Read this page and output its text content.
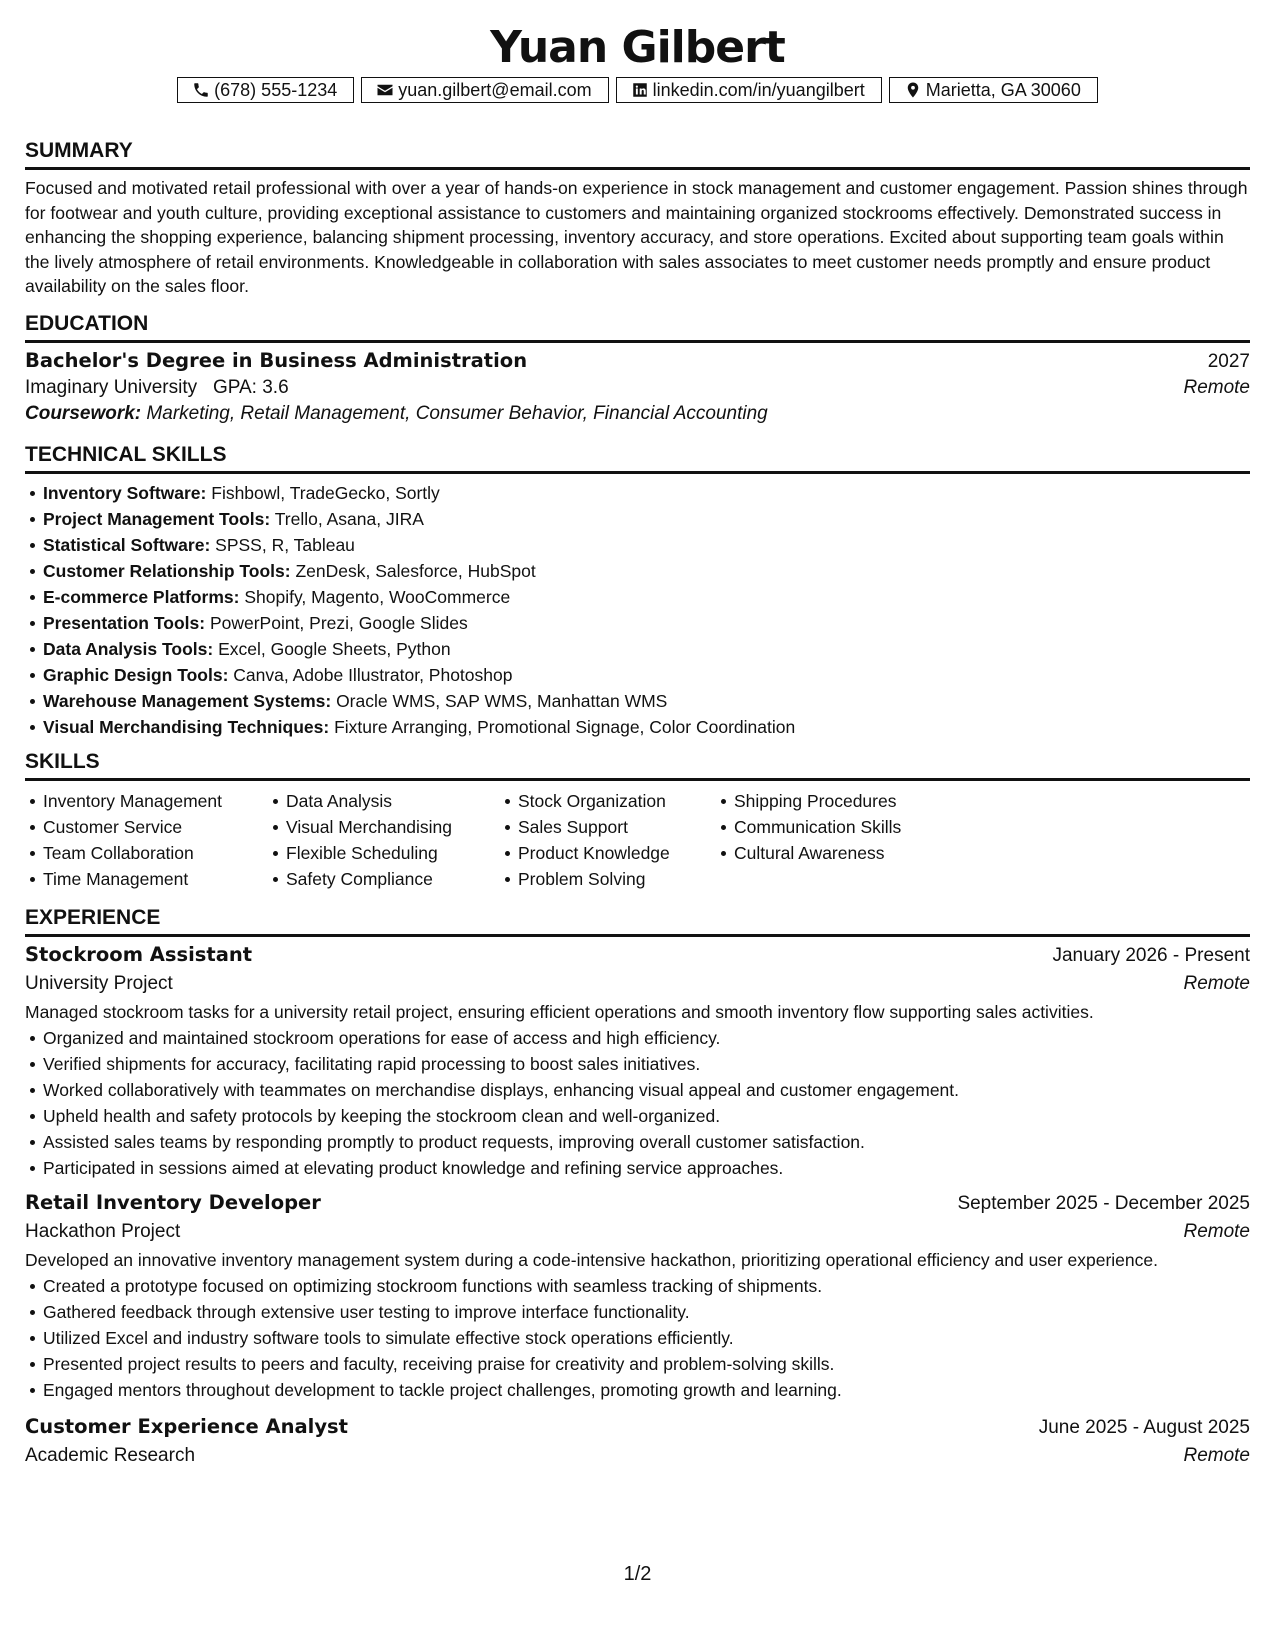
Yuan Gilbert
(678) 555-1234	yuan.gilbert@email.com	linkedin.com/in/yuangilbert	Marietta, GA 30060
SUMMARY

Focused and motivated retail professional with over a year of hands-on experience in stock management and customer engagement. Passion shines through for footwear and youth culture, providing exceptional assistance to customers and maintaining organized stockrooms effectively. Demonstrated success in enhancing the shopping experience, balancing shipment processing, inventory accuracy, and store operations. Excited about supporting team goals within the lively atmosphere of retail environments. Knowledgeable in collaboration with sales associates to meet customer needs promptly and ensure product availability on the sales floor.

EDUCATION
Bachelor's Degree in Business Administration	2027
Imaginary University GPA: 3.6	Remote
Coursework: Marketing, Retail Management, Consumer Behavior, Financial Accounting
TECHNICAL SKILLS
Inventory Software: Fishbowl, TradeGecko, Sortly
Project Management Tools: Trello, Asana, JIRA
Statistical Software: SPSS, R, Tableau
Customer Relationship Tools: ZenDesk, Salesforce, HubSpot
E-commerce Platforms: Shopify, Magento, WooCommerce
Presentation Tools: PowerPoint, Prezi, Google Slides
Data Analysis Tools: Excel, Google Sheets, Python
Graphic Design Tools: Canva, Adobe Illustrator, Photoshop
Warehouse Management Systems: Oracle WMS, SAP WMS, Manhattan WMS
Visual Merchandising Techniques: Fixture Arranging, Promotional Signage, Color Coordination
SKILLS
Inventory Management
Customer Service
Team Collaboration
Time Management
Data Analysis
Visual Merchandising
Flexible Scheduling
Safety Compliance
Stock Organization
Sales Support
Product Knowledge
Problem Solving
Shipping Procedures
Communication Skills
Cultural Awareness
EXPERIENCE
Stockroom Assistant	January 2026 - Present
University Project	Remote

Managed stockroom tasks for a university retail project, ensuring efficient operations and smooth inventory flow supporting sales activities.

Organized and maintained stockroom operations for ease of access and high efficiency.
Verified shipments for accuracy, facilitating rapid processing to boost sales initiatives.
Worked collaboratively with teammates on merchandise displays, enhancing visual appeal and customer engagement.
Upheld health and safety protocols by keeping the stockroom clean and well-organized.
Assisted sales teams by responding promptly to product requests, improving overall customer satisfaction.
Participated in sessions aimed at elevating product knowledge and refining service approaches.
Retail Inventory Developer	September 2025 - December 2025
Hackathon Project	Remote

Developed an innovative inventory management system during a code-intensive hackathon, prioritizing operational efficiency and user experience.

Created a prototype focused on optimizing stockroom functions with seamless tracking of shipments.
Gathered feedback through extensive user testing to improve interface functionality.
Utilized Excel and industry software tools to simulate effective stock operations efficiently.
Presented project results to peers and faculty, receiving praise for creativity and problem-solving skills.
Engaged mentors throughout development to tackle project challenges, promoting growth and learning.
Customer Experience Analyst	June 2025 - August 2025
Academic Research	Remote
1/2
